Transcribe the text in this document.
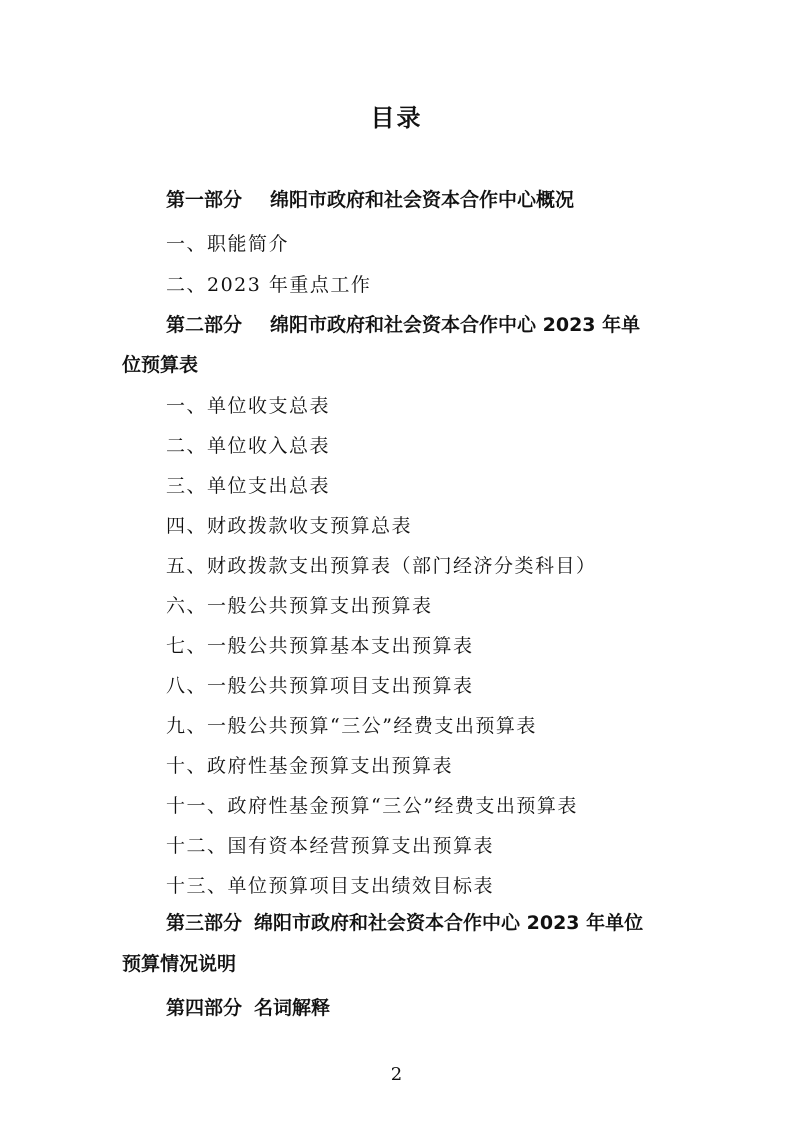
目录
第一部分 绵阳市政府和社会资本合作中心概况
一、职能简介
二、2023 年重点工作
第二部分 绵阳市政府和社会资本合作中心 2023 年单
位预算表
一、单位收支总表
二、单位收入总表
三、单位支出总表
四、财政拨款收支预算总表
五、财政拨款支出预算表（部门经济分类科目）
六、一般公共预算支出预算表
七、一般公共预算基本支出预算表
八、一般公共预算项目支出预算表
九、一般公共预算“三公”经费支出预算表
十、政府性基金预算支出预算表
十一、政府性基金预算“三公”经费支出预算表
十二、国有资本经营预算支出预算表
十三、单位预算项目支出绩效目标表
第三部分 绵阳市政府和社会资本合作中心 2023 年单位
预算情况说明
第四部分 名词解释
2
